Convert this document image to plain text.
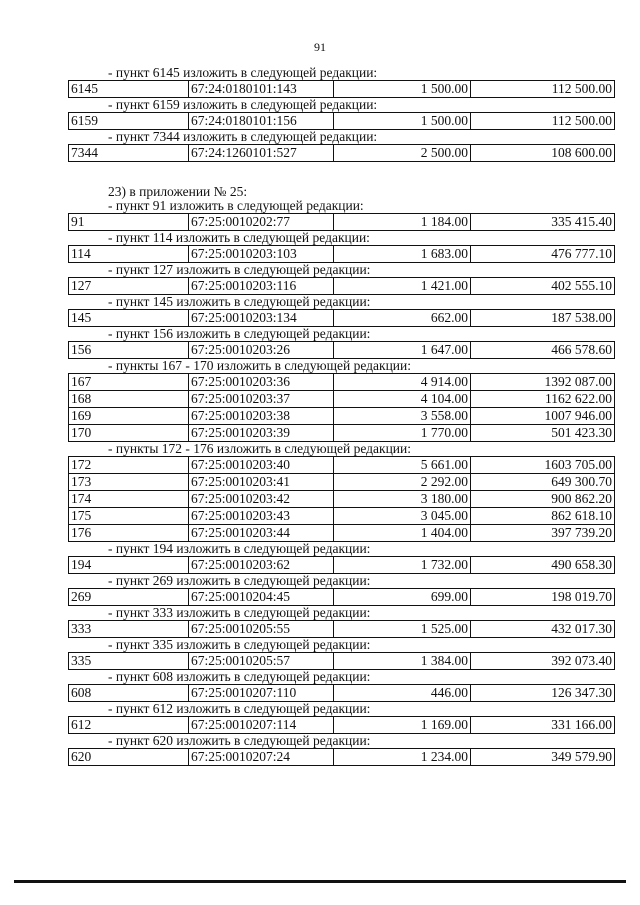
91
- пункт 6145 изложить в следующей редакции:
6145	67:24:0180101:143	1 500.00	112 500.00
- пункт 6159 изложить в следующей редакции:
6159	67:24:0180101:156	1 500.00	112 500.00
- пункт 7344 изложить в следующей редакции:
7344	67:24:1260101:527	2 500.00	108 600.00
23) в приложении № 25:
- пункт 91 изложить в следующей редакции:
91	67:25:0010202:77	1 184.00	335 415.40
- пункт 114 изложить в следующей редакции:
114	67:25:0010203:103	1 683.00	476 777.10
- пункт 127 изложить в следующей редакции:
127	67:25:0010203:116	1 421.00	402 555.10
- пункт 145 изложить в следующей редакции:
145	67:25:0010203:134	662.00	187 538.00
- пункт 156 изложить в следующей редакции:
156	67:25:0010203:26	1 647.00	466 578.60
- пункты 167 - 170 изложить в следующей редакции:
167	67:25:0010203:36	4 914.00	1392 087.00
168	67:25:0010203:37	4 104.00	1162 622.00
169	67:25:0010203:38	3 558.00	1007 946.00
170	67:25:0010203:39	1 770.00	501 423.30
- пункты 172 - 176 изложить в следующей редакции:
172	67:25:0010203:40	5 661.00	1603 705.00
173	67:25:0010203:41	2 292.00	649 300.70
174	67:25:0010203:42	3 180.00	900 862.20
175	67:25:0010203:43	3 045.00	862 618.10
176	67:25:0010203:44	1 404.00	397 739.20
- пункт 194 изложить в следующей редакции:
194	67:25:0010203:62	1 732.00	490 658.30
- пункт 269 изложить в следующей редакции:
269	67:25:0010204:45	699.00	198 019.70
- пункт 333 изложить в следующей редакции:
333	67:25:0010205:55	1 525.00	432 017.30
- пункт 335 изложить в следующей редакции:
335	67:25:0010205:57	1 384.00	392 073.40
- пункт 608 изложить в следующей редакции:
608	67:25:0010207:110	446.00	126 347.30
- пункт 612 изложить в следующей редакции:
612	67:25:0010207:114	1 169.00	331 166.00
- пункт 620 изложить в следующей редакции:
620	67:25:0010207:24	1 234.00	349 579.90
